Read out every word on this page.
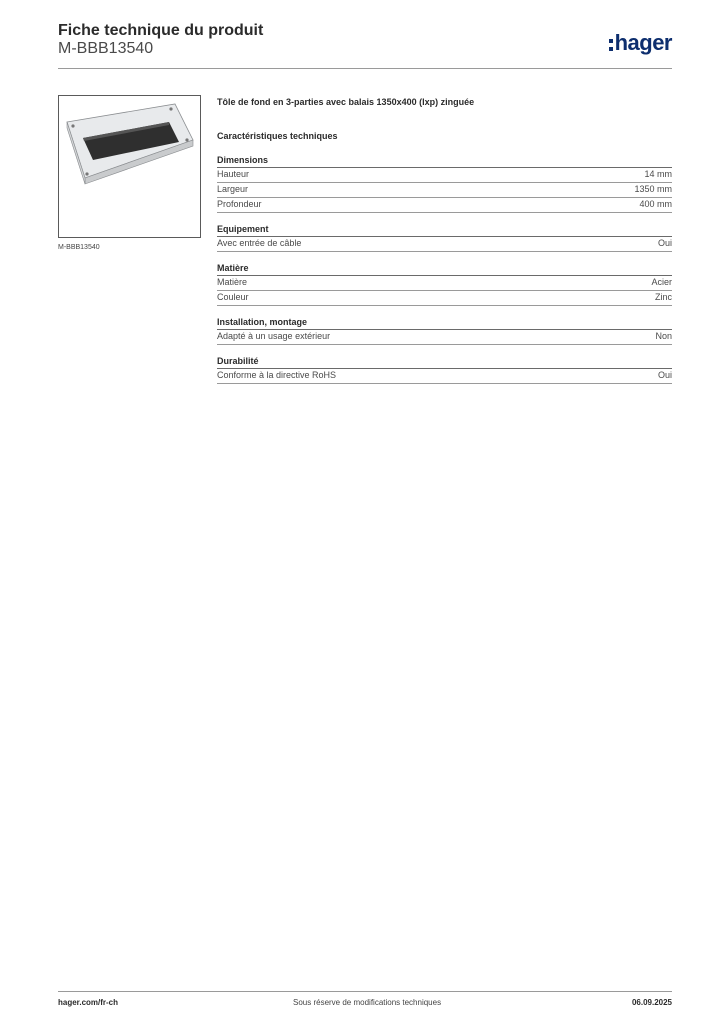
Fiche technique du produit
M-BBB13540	hager
M-BBB13540
Tôle de fond en 3-parties avec balais 1350x400 (lxp) zinguée
Caractéristiques techniques
Dimensions
Hauteur	14 mm
Largeur	1350 mm
Profondeur	400 mm
Equipement
Avec entrée de câble	Oui
Matière
Matière	Acier
Couleur	Zinc
Installation, montage
Adapté à un usage extérieur	Non
Durabilité
Conforme à la directive RoHS	Oui
hager.com/fr-ch	Sous réserve de modifications techniques	06.09.2025
